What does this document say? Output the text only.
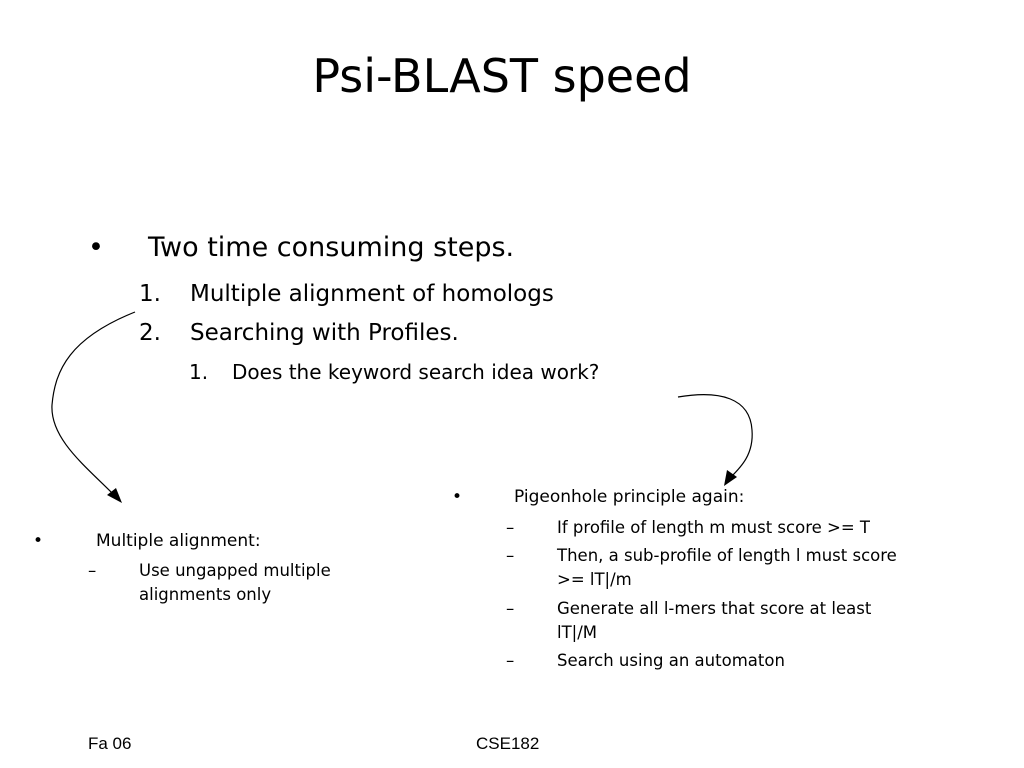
Psi-BLAST speed
• Two time consuming steps.
1. Multiple alignment of homologs
2. Searching with Profiles.
1. Does the keyword search idea work?
•	Multiple alignment:
–	Use ungapped multiple
alignments only
•	Pigeonhole principle again:
–	If profile of length m must score >= T
–	Then, a sub-profile of length l must score
>= lT|/m
–	Generate all l-mers that score at least
lT|/M
–	Search using an automaton
Fa 06	CSE182
